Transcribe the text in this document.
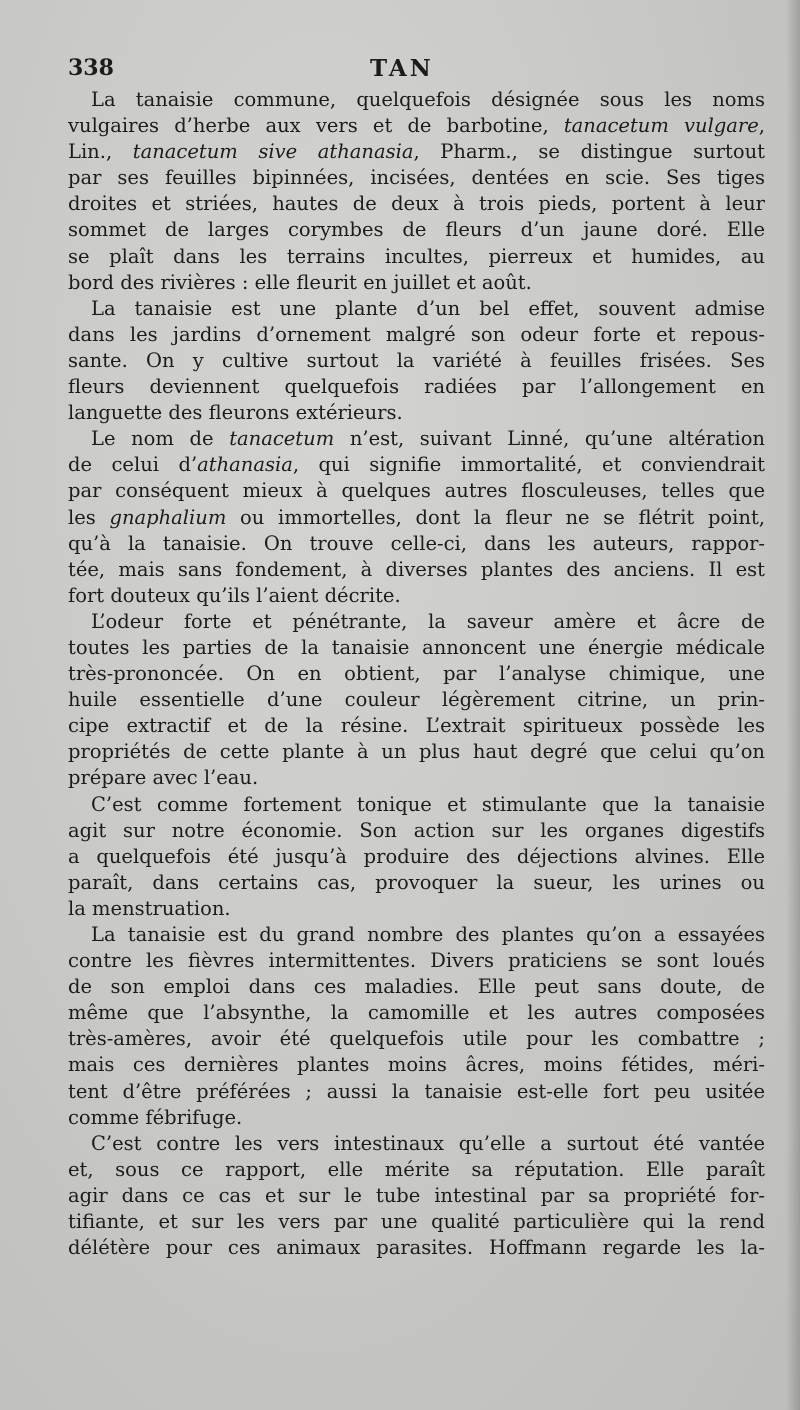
338	TAN
La tanaisie commune, quelquefois désignée sous les noms
vulgaires d’herbe aux vers et de barbotine, tanacetum vulgare,
Lin., tanacetum sive athanasia, Pharm., se distingue surtout
par ses feuilles bipinnées, incisées, dentées en scie. Ses tiges
droites et striées, hautes de deux à trois pieds, portent à leur
sommet de larges corymbes de fleurs d’un jaune doré. Elle
se plaît dans les terrains incultes, pierreux et humides, au
bord des rivières : elle fleurit en juillet et août.
La tanaisie est une plante d’un bel effet, souvent admise
dans les jardins d’ornement malgré son odeur forte et repous-
sante. On y cultive surtout la variété à feuilles frisées. Ses
fleurs deviennent quelquefois radiées par l’allongement en
languette des fleurons extérieurs.
Le nom de tanacetum n’est, suivant Linné, qu’une altération
de celui d’athanasia, qui signifie immortalité, et conviendrait
par conséquent mieux à quelques autres flosculeuses, telles que
les gnaphalium ou immortelles, dont la fleur ne se flétrit point,
qu’à la tanaisie. On trouve celle-ci, dans les auteurs, rappor-
tée, mais sans fondement, à diverses plantes des anciens. Il est
fort douteux qu’ils l’aient décrite.
L’odeur forte et pénétrante, la saveur amère et âcre de
toutes les parties de la tanaisie annoncent une énergie médicale
très-prononcée. On en obtient, par l’analyse chimique, une
huile essentielle d’une couleur légèrement citrine, un prin-
cipe extractif et de la résine. L’extrait spiritueux possède les
propriétés de cette plante à un plus haut degré que celui qu’on
prépare avec l’eau.
C’est comme fortement tonique et stimulante que la tanaisie
agit sur notre économie. Son action sur les organes digestifs
a quelquefois été jusqu’à produire des déjections alvines. Elle
paraît, dans certains cas, provoquer la sueur, les urines ou
la menstruation.
La tanaisie est du grand nombre des plantes qu’on a essayées
contre les fièvres intermittentes. Divers praticiens se sont loués
de son emploi dans ces maladies. Elle peut sans doute, de
même que l’absynthe, la camomille et les autres composées
très-amères, avoir été quelquefois utile pour les combattre ;
mais ces dernières plantes moins âcres, moins fétides, méri-
tent d’être préférées ; aussi la tanaisie est-elle fort peu usitée
comme fébrifuge.
C’est contre les vers intestinaux qu’elle a surtout été vantée
et, sous ce rapport, elle mérite sa réputation. Elle paraît
agir dans ce cas et sur le tube intestinal par sa propriété for-
tifiante, et sur les vers par une qualité particulière qui la rend
délétère pour ces animaux parasites. Hoffmann regarde les la-
